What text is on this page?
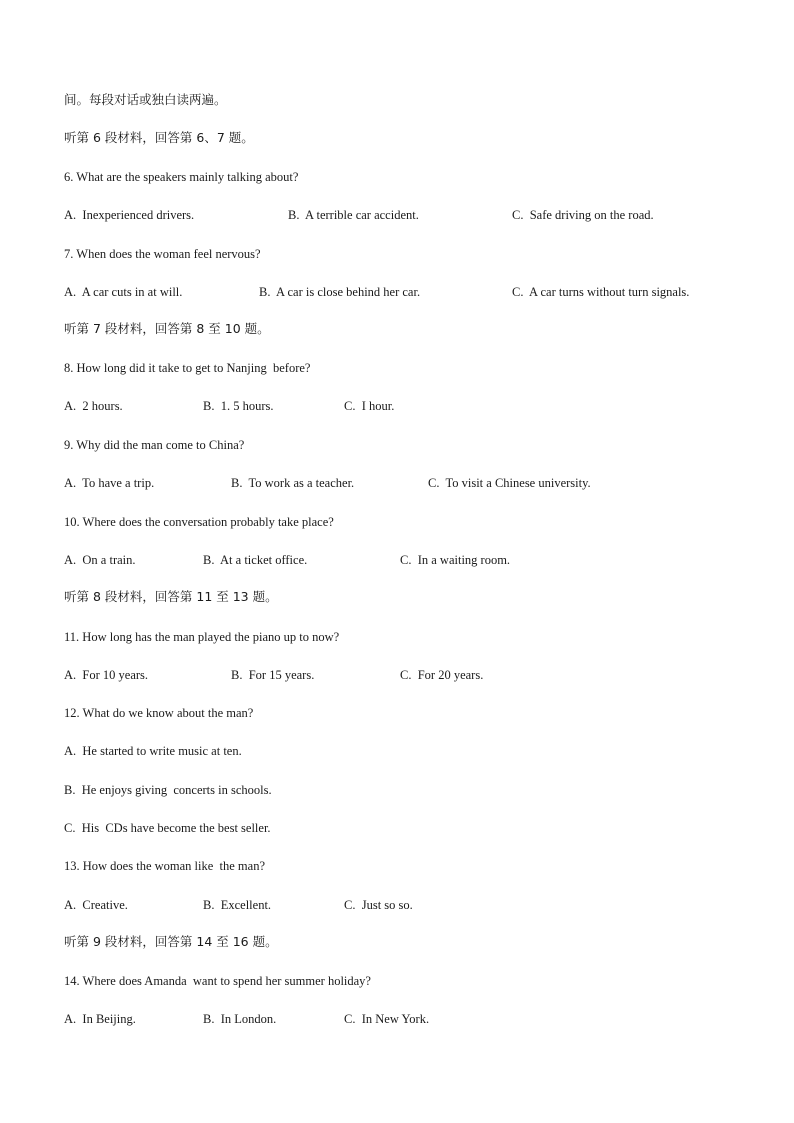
间。每段对话或独白读两遍。
听第 6 段材料，回答第 6、7 题。
6. What are the speakers mainly talking about?
A.  Inexperienced drivers.	B.  A terrible car accident.	C.  Safe driving on the road.
7. When does the woman feel nervous?
A.  A car cuts in at will.	B.  A car is close behind her car.	C.  A car turns without turn signals.
听第 7 段材料，回答第 8 至 10 题。
8. How long did it take to get to Nanjing  before?
A.  2 hours.	B.  1. 5 hours.	C.  I hour.
9. Why did the man come to China?
A.  To have a trip.	B.  To work as a teacher.	C.  To visit a Chinese university.
10. Where does the conversation probably take place?
A.  On a train.	B.  At a ticket office.	C.  In a waiting room.
听第 8 段材料，回答第 11 至 13 题。
11. How long has the man played the piano up to now?
A.  For 10 years.	B.  For 15 years.	C.  For 20 years.
12. What do we know about the man?
A.  He started to write music at ten.
B.  He enjoys giving  concerts in schools.
C.  His  CDs have become the best seller.
13. How does the woman like  the man?
A.  Creative.	B.  Excellent.	C.  Just so so.
听第 9 段材料，回答第 14 至 16 题。
14. Where does Amanda  want to spend her summer holiday?
A.  In Beijing.	B.  In London.	C.  In New York.
